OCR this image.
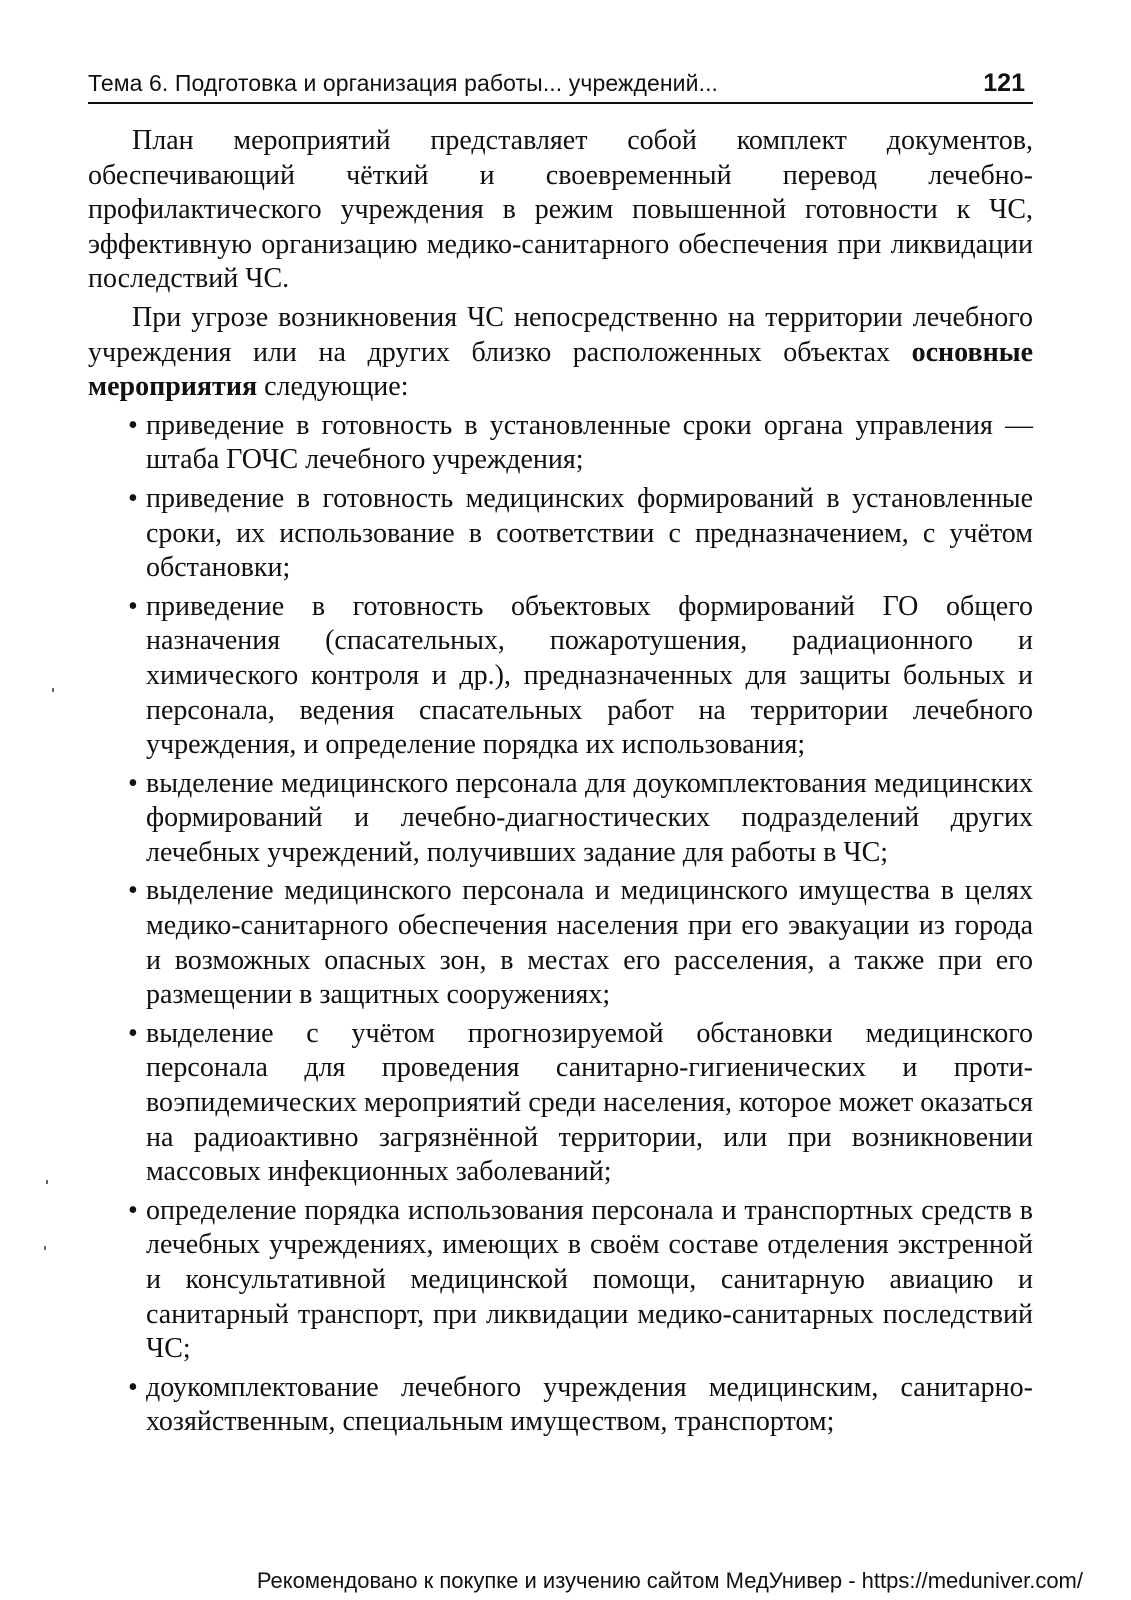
Тема 6. Подготовка и организация работы... учреждений...	121

План мероприятий представляет собой комплект документов, обеспечивающий чёткий и своевременный перевод лечебнопрофилактического учреждения в режим повышенной готовности к ЧС, эффективную организацию медико-санитарного обеспечения при ликвидации последствий ЧС.

При угрозе возникновения ЧС непосредственно на территории лечебного учреждения или на других близко расположенных объектах основные мероприятия следующие:

• приведение в готовность в установленные сроки органа управления — штаба ГОЧС лечебного учреждения;
• приведение в готовность медицинских формирований в установленные сроки, их использование в соответствии с предназначением, с учётом обстановки;
• приведение в готовность объектовых формирований ГО общего назначения (спасательных, пожаротушения, радиационного и химического контроля и др.), предназначенных для защиты больных и персонала, ведения спасательных работ на территории лечебного учреждения, и определение порядка их использования;
• выделение медицинского персонала для доукомплектования медицинских формирований и лечебно-диагностических подразделений других лечебных учреждений, получивших задание для работы в ЧС;
• выделение медицинского персонала и медицинского имущества в целях медико-санитарного обеспечения населения при его эвакуации из города и возможных опасных зон, в местах его расселения, а также при его размещении в защитных сооружениях;
• выделение с учётом прогнозируемой обстановки медицинского персонала для проведения санитарно-гигиенических и противоэпидемических мероприятий среди населения, которое может оказаться на радиоактивно загрязнённой территории, или при возникновении массовых инфекционных заболеваний;
• определение порядка использования персонала и транспортных средств в лечебных учреждениях, имеющих в своём составе отделения экстренной и консультативной медицинской помощи, санитарную авиацию и санитарный транспорт, при ликвидации медико-санитарных последствий ЧС;
• доукомплектование лечебного учреждения медицинским, санитарно-хозяйственным, специальным имуществом, транспортом;
Рекомендовано к покупке и изучению сайтом МедУнивер - https://meduniver.com/
